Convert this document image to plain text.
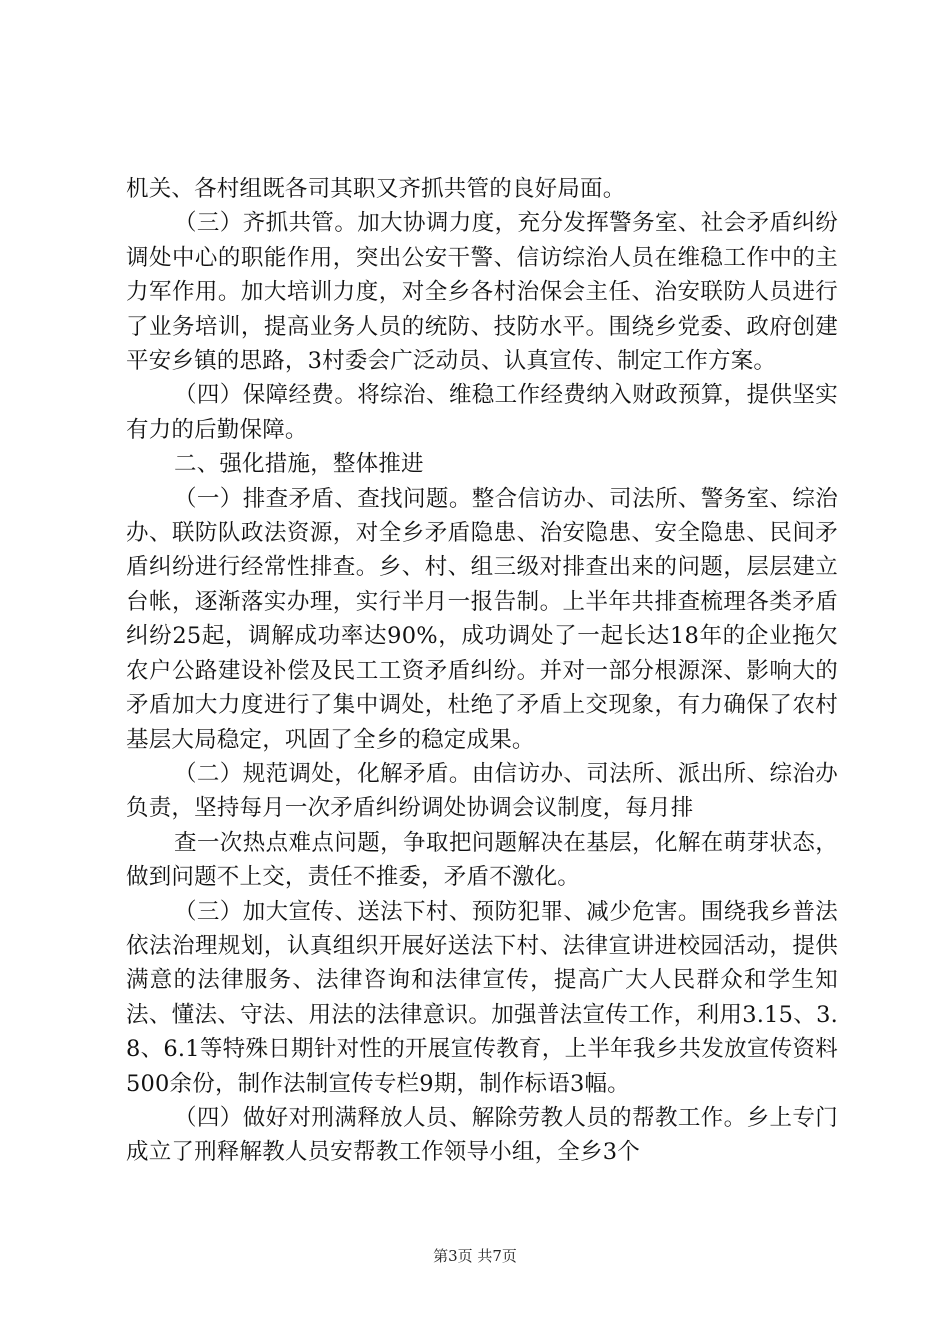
机关、各村组既各司其职又齐抓共管的良好局面。

（三）齐抓共管。加大协调力度，充分发挥警务室、社会矛盾纠纷调处中心的职能作用，突出公安干警、信访综治人员在维稳工作中的主力军作用。加大培训力度，对全乡各村治保会主任、治安联防人员进行了业务培训，提高业务人员的统防、技防水平。围绕乡党委、政府创建平安乡镇的思路，3村委会广泛动员、认真宣传、制定工作方案。

（四）保障经费。将综治、维稳工作经费纳入财政预算，提供坚实有力的后勤保障。

二、强化措施，整体推进

（一）排查矛盾、查找问题。整合信访办、司法所、警务室、综治办、联防队政法资源，对全乡矛盾隐患、治安隐患、安全隐患、民间矛盾纠纷进行经常性排查。乡、村、组三级对排查出来的问题，层层建立台帐，逐渐落实办理，实行半月一报告制。上半年共排查梳理各类矛盾纠纷25起，调解成功率达90%，成功调处了一起长达18年的企业拖欠农户公路建设补偿及民工工资矛盾纠纷。并对一部分根源深、影响大的矛盾加大力度进行了集中调处，杜绝了矛盾上交现象，有力确保了农村基层大局稳定，巩固了全乡的稳定成果。

（二）规范调处，化解矛盾。由信访办、司法所、派出所、综治办负责，坚持每月一次矛盾纠纷调处协调会议制度，每月排

查一次热点难点问题，争取把问题解决在基层，化解在萌芽状态，做到问题不上交，责任不推委，矛盾不激化。

（三）加大宣传、送法下村、预防犯罪、减少危害。围绕我乡普法依法治理规划，认真组织开展好送法下村、法律宣讲进校园活动，提供满意的法律服务、法律咨询和法律宣传，提高广大人民群众和学生知法、懂法、守法、用法的法律意识。加强普法宣传工作，利用3.15、3.8、6.1等特殊日期针对性的开展宣传教育，上半年我乡共发放宣传资料500余份，制作法制宣传专栏9期，制作标语3幅。

（四）做好对刑满释放人员、解除劳教人员的帮教工作。乡上专门成立了刑释解教人员安帮教工作领导小组，全乡3个

第3页 共7页
